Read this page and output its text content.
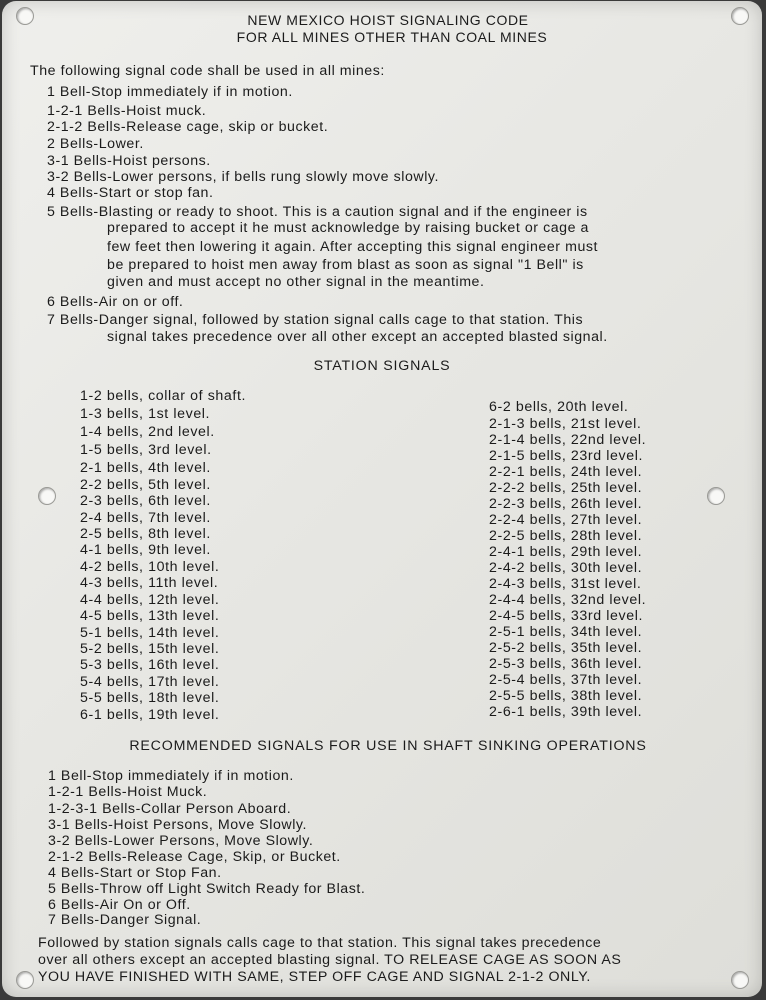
NEW MEXICO HOIST SIGNALING CODE
FOR ALL MINES OTHER THAN COAL MINES
The following signal code shall be used in all mines:
1 Bell-Stop immediately if in motion.
1-2-1 Bells-Hoist muck.
2-1-2 Bells-Release cage, skip or bucket.
2 Bells-Lower.
3-1 Bells-Hoist persons.
3-2 Bells-Lower persons, if bells rung slowly move slowly.
4 Bells-Start or stop fan.
5 Bells-Blasting or ready to shoot. This is a caution signal and if the engineer is
prepared to accept it he must acknowledge by raising bucket or cage a
few feet then lowering it again. After accepting this signal engineer must
be prepared to hoist men away from blast as soon as signal "1 Bell" is
given and must accept no other signal in the meantime.
6 Bells-Air on or off.
7 Bells-Danger signal, followed by station signal calls cage to that station. This
signal takes precedence over all other except an accepted blasted signal.
STATION SIGNALS
1-2 bells, collar of shaft.
1-3 bells, 1st level.
1-4 bells, 2nd level.
1-5 bells, 3rd level.
2-1 bells, 4th level.
2-2 bells, 5th level.
2-3 bells, 6th level.
2-4 bells, 7th level.
2-5 bells, 8th level.
4-1 bells, 9th level.
4-2 bells, 10th level.
4-3 bells, 11th level.
4-4 bells, 12th level.
4-5 bells, 13th level.
5-1 bells, 14th level.
5-2 bells, 15th level.
5-3 bells, 16th level.
5-4 bells, 17th level.
5-5 bells, 18th level.
6-1 bells, 19th level.
6-2 bells, 20th level.
2-1-3 bells, 21st level.
2-1-4 bells, 22nd level.
2-1-5 bells, 23rd level.
2-2-1 bells, 24th level.
2-2-2 bells, 25th level.
2-2-3 bells, 26th level.
2-2-4 bells, 27th level.
2-2-5 bells, 28th level.
2-4-1 bells, 29th level.
2-4-2 bells, 30th level.
2-4-3 bells, 31st level.
2-4-4 bells, 32nd level.
2-4-5 bells, 33rd level.
2-5-1 bells, 34th level.
2-5-2 bells, 35th level.
2-5-3 bells, 36th level.
2-5-4 bells, 37th level.
2-5-5 bells, 38th level.
2-6-1 bells, 39th level.
RECOMMENDED SIGNALS FOR USE IN SHAFT SINKING OPERATIONS
1 Bell-Stop immediately if in motion.
1-2-1 Bells-Hoist Muck.
1-2-3-1 Bells-Collar Person Aboard.
3-1 Bells-Hoist Persons, Move Slowly.
3-2 Bells-Lower Persons, Move Slowly.
2-1-2 Bells-Release Cage, Skip, or Bucket.
4 Bells-Start or Stop Fan.
5 Bells-Throw off Light Switch Ready for Blast.
6 Bells-Air On or Off.
7 Bells-Danger Signal.
Followed by station signals calls cage to that station. This signal takes precedence
over all others except an accepted blasting signal. TO RELEASE CAGE AS SOON AS
YOU HAVE FINISHED WITH SAME, STEP OFF CAGE AND SIGNAL 2-1-2 ONLY.
